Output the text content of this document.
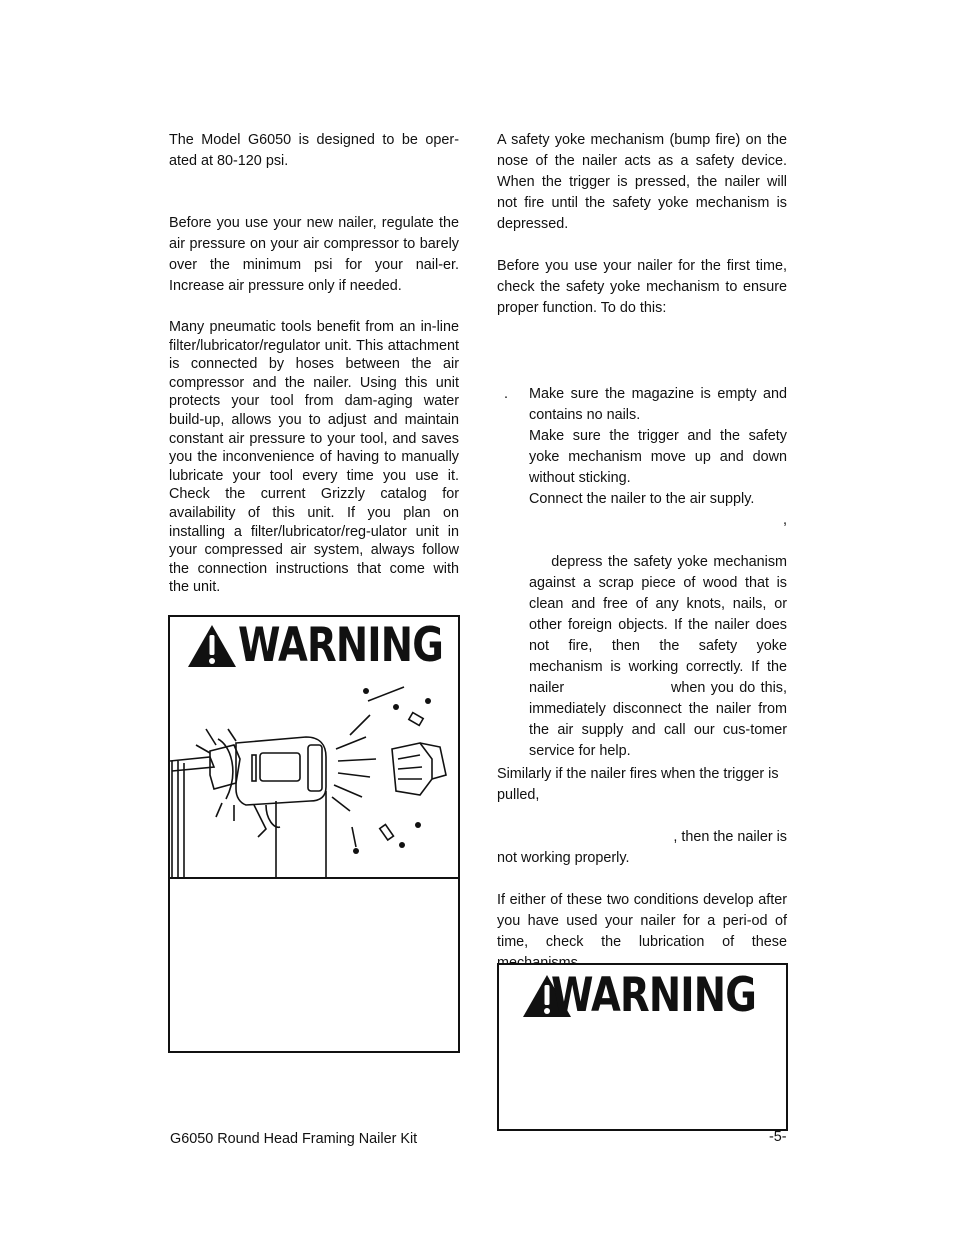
The Model G6050 is designed to be oper-ated at 80-120 psi.

Before you use your new nailer, regulate the air pressure on your air compressor to barely over the minimum psi for your nail-er. Increase air pressure only if needed.

Many pneumatic tools benefit from an in-line filter/lubricator/regulator unit. This attachment is connected by hoses between the air compressor and the nailer. Using this unit protects your tool from dam-aging water build-up, allows you to adjust and maintain constant air pressure to your tool, and saves you the inconvenience of having to manually lubricate your tool every time you use it. Check the current Grizzly catalog for availability of this unit. If you plan on installing a filter/lubricator/reg-ulator unit in your compressed air system, always follow the connection instructions that come with the unit.

WARNING

A safety yoke mechanism (bump fire) on the nose of the nailer acts as a safety device. When the trigger is pressed, the nailer will not fire until the safety yoke mechanism is depressed.

Before you use your nailer for the first time, check the safety yoke mechanism to ensure proper function. To do this:

. Make sure the magazine is empty and contains no nails.
Make sure the trigger and the safety yoke mechanism move up and down without sticking.
Connect the nailer to the air supply.
,

depress the safety yoke mechanism against a scrap piece of wood that is clean and free of any knots, nails, or other foreign objects. If the nailer does not fire, then the safety yoke mechanism is working correctly. If the nailer                    when you do this, immediately disconnect the nailer from the air supply and call our cus-tomer service for help.

Similarly if the nailer fires when the trigger is pulled,

, then the nailer is

not working properly.

If either of these two conditions develop after you have used your nailer for a peri-od of time, check the lubrication of these

WARNING
G6050 Round Head Framing Nailer Kit	-5-
